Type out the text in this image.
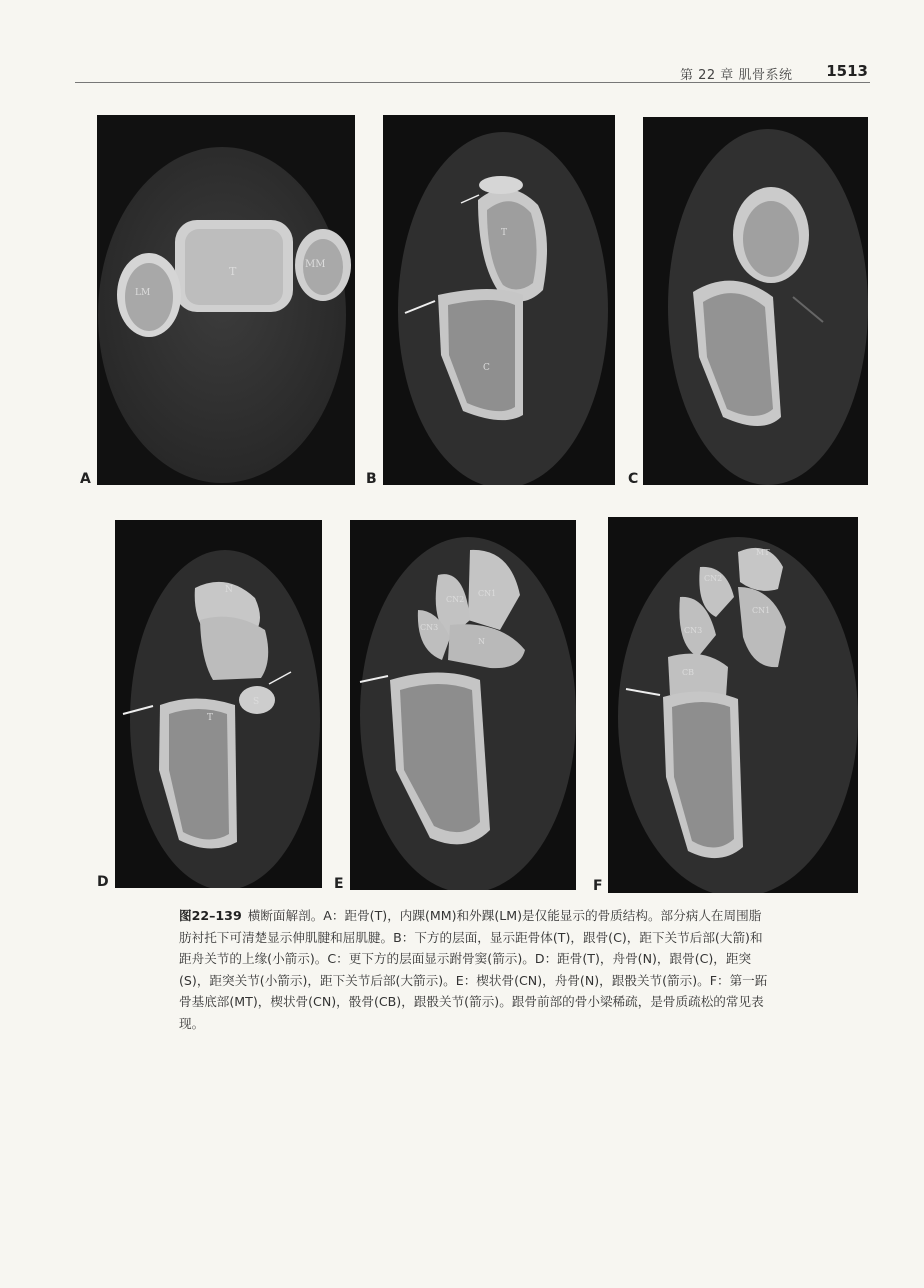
第 22 章 肌骨系统 1513
T
MM
LM
A
T
C
B	C
N
S
T
D
CN1
CN2
CN3
N
E
MT
CN2
CN1
CN3
CB
F
图22–139 横断面解剖。A：距骨(T)，内踝(MM)和外踝(LM)是仅能显示的骨质结构。部分病人在周围脂肪衬托下可清楚显示伸肌腱和屈肌腱。B：下方的层面，显示距骨体(T)，跟骨(C)，距下关节后部(大箭)和距舟关节的上缘(小箭示)。C：更下方的层面显示跗骨窦(箭示)。D：距骨(T)，舟骨(N)，跟骨(C)，距突(S)，距突关节(小箭示)，距下关节后部(大箭示)。E：楔状骨(CN)，舟骨(N)，跟骰关节(箭示)。F：第一跖骨基底部(MT)，楔状骨(CN)，骰骨(CB)，跟骰关节(箭示)。跟骨前部的骨小梁稀疏，是骨质疏松的常见表现。
